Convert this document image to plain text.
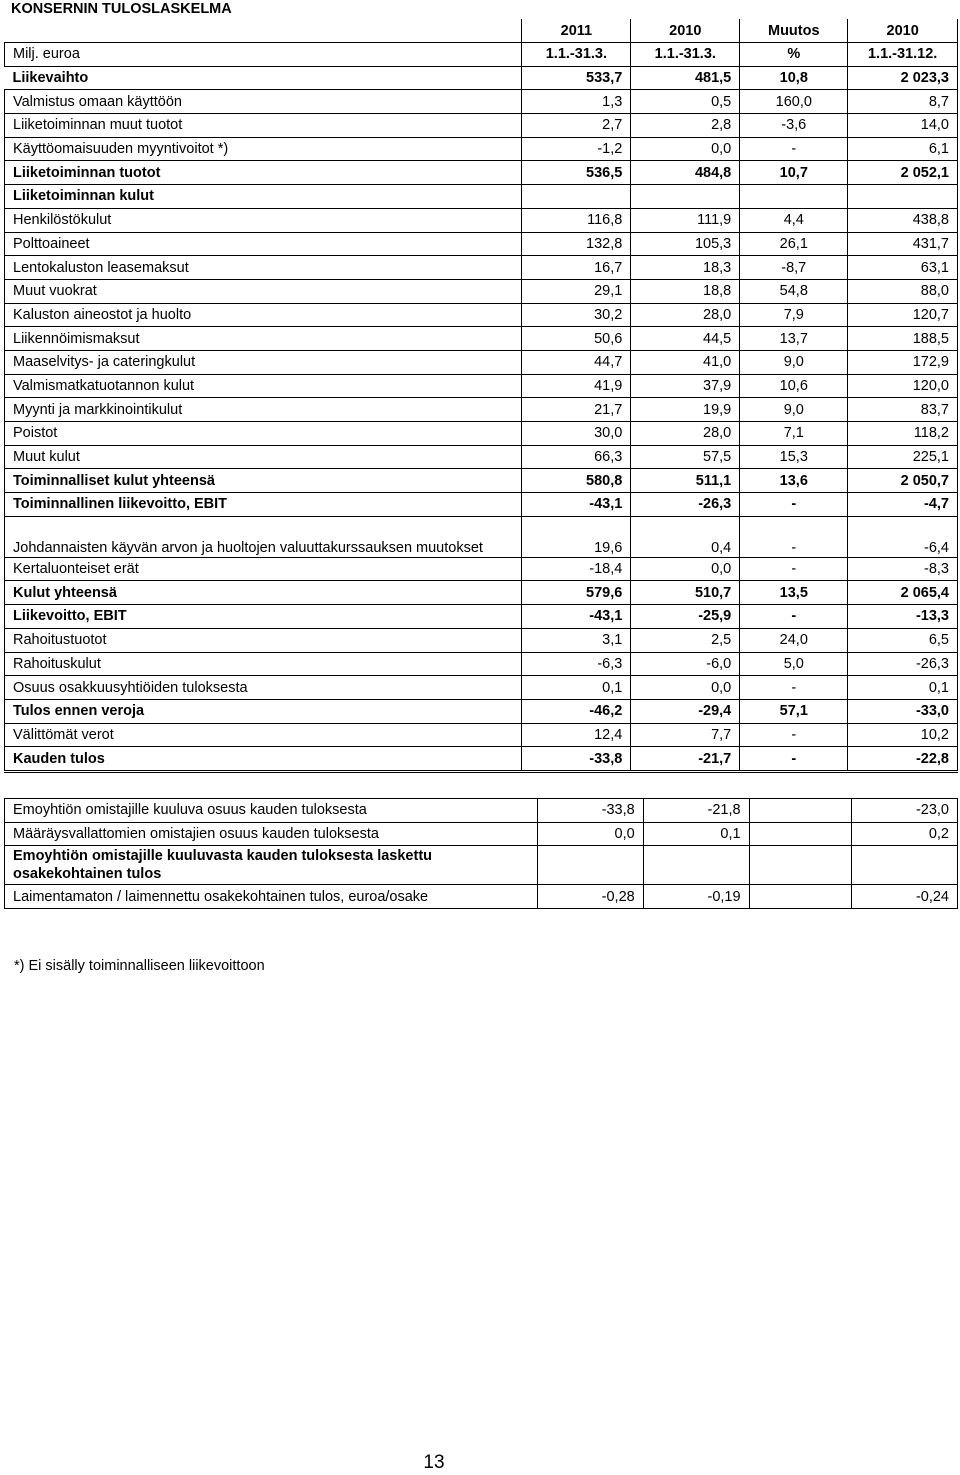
KONSERNIN TULOSLASKELMA
	2011	2010	Muutos	2010
Milj. euroa	1.1.-31.3.	1.1.-31.3.	%	1.1.-31.12.
Liikevaihto	533,7	481,5	10,8	2 023,3
Valmistus omaan käyttöön	1,3	0,5	160,0	8,7
Liiketoiminnan muut tuotot	2,7	2,8	-3,6	14,0
Käyttöomaisuuden myyntivoitot *)	-1,2	0,0	-	6,1
Liiketoiminnan tuotot	536,5	484,8	10,7	2 052,1
Liiketoiminnan kulut				
Henkilöstökulut	116,8	111,9	4,4	438,8
Polttoaineet	132,8	105,3	26,1	431,7
Lentokaluston leasemaksut	16,7	18,3	-8,7	63,1
Muut vuokrat	29,1	18,8	54,8	88,0
Kaluston aineostot ja huolto	30,2	28,0	7,9	120,7
Liikennöimismaksut	50,6	44,5	13,7	188,5
Maaselvitys- ja cateringkulut	44,7	41,0	9,0	172,9
Valmismatkatuotannon kulut	41,9	37,9	10,6	120,0
Myynti ja markkinointikulut	21,7	19,9	9,0	83,7
Poistot	30,0	28,0	7,1	118,2
Muut kulut	66,3	57,5	15,3	225,1
Toiminnalliset kulut yhteensä	580,8	511,1	13,6	2 050,7
Toiminnallinen liikevoitto, EBIT	-43,1	-26,3	-	-4,7
Johdannaisten käyvän arvon ja huoltojen valuuttakurssauksen muutokset	19,6	0,4	-	-6,4
Kertaluonteiset erät	-18,4	0,0	-	-8,3
Kulut yhteensä	579,6	510,7	13,5	2 065,4
Liikevoitto, EBIT	-43,1	-25,9	-	-13,3
Rahoitustuotot	3,1	2,5	24,0	6,5
Rahoituskulut	-6,3	-6,0	5,0	-26,3
Osuus osakkuusyhtiöiden tuloksesta	0,1	0,0	-	0,1
Tulos ennen veroja	-46,2	-29,4	57,1	-33,0
Välittömät verot	12,4	7,7	-	10,2
Kauden tulos	-33,8	-21,7	-	-22,8
Emoyhtiön omistajille kuuluva osuus kauden tuloksesta	-33,8	-21,8		-23,0
Määräysvallattomien omistajien osuus kauden tuloksesta	0,0	0,1		0,2
Emoyhtiön omistajille kuuluvasta kauden tuloksesta laskettu osakekohtainen tulos				
Laimentamaton / laimennettu osakekohtainen tulos, euroa/osake	-0,28	-0,19		-0,24
*) Ei sisälly toiminnalliseen liikevoittoon
13
